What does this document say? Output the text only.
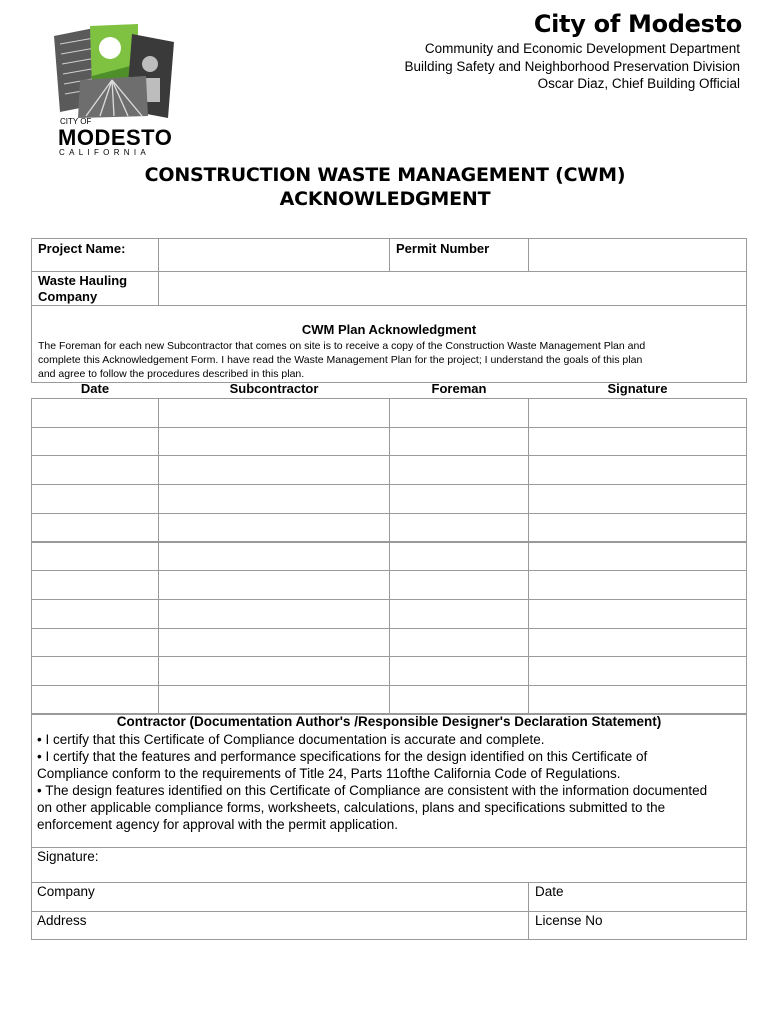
CITY OF
MODESTO
CALIFORNIA
City of Modesto
Community and Economic Development Department
Building Safety and Neighborhood Preservation Division
Oscar Diaz, Chief Building Official
CONSTRUCTION WASTE MANAGEMENT (CWM)
ACKNOWLEDGMENT
Project Name:	Permit Number
Waste Hauling
Company
CWM Plan Acknowledgment
The Foreman for each new Subcontractor that comes on site is to receive a copy of the Construction Waste Management Plan and
complete this Acknowledgement Form. I have read the Waste Management Plan for the project; I understand the goals of this plan
and agree to follow the procedures described in this plan.
Date	Subcontractor	Foreman	Signature
Contractor (Documentation Author's /Responsible Designer's Declaration Statement)
• I certify that this Certificate of Compliance documentation is accurate and complete.
• I certify that the features and performance specifications for the design identified on this Certificate of
Compliance conform to the requirements of Title 24, Parts 11ofthe California Code of Regulations.
• The design features identified on this Certificate of Compliance are consistent with the information documented
on other applicable compliance forms, worksheets, calculations, plans and specifications submitted to the
enforcement agency for approval with the permit application.
Signature:
Company	Date
Address	License No
